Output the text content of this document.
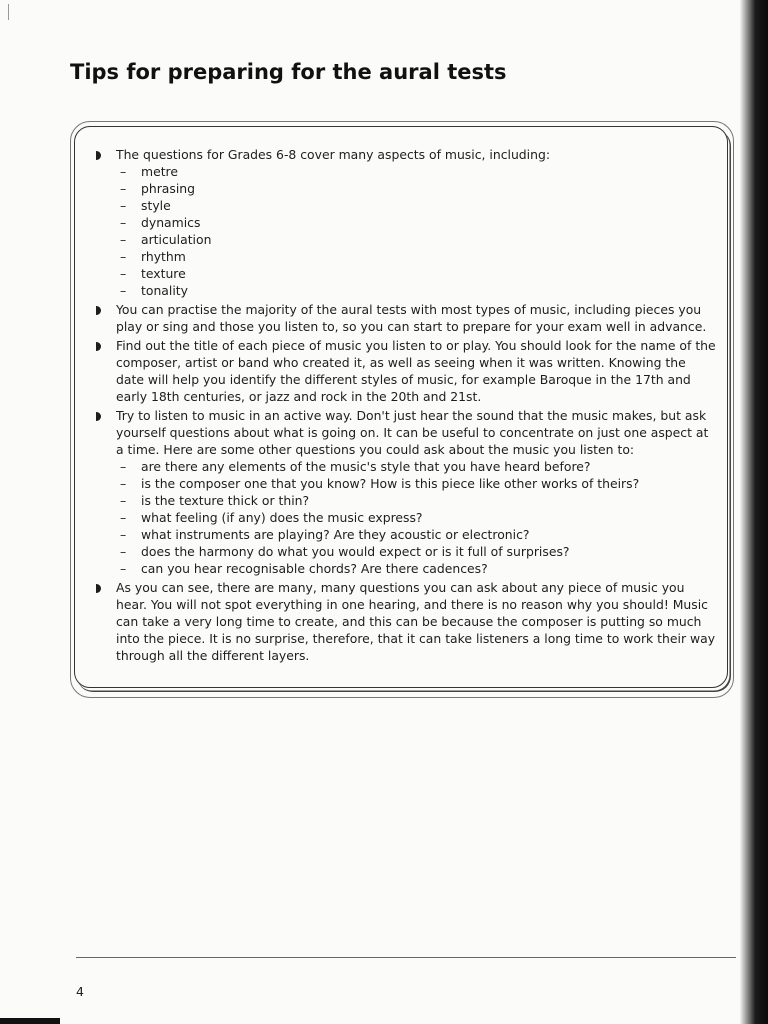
Tips for preparing for the aural tests
The questions for Grades 6-8 cover many aspects of music, including:
– metre
– phrasing
– style
– dynamics
– articulation
– rhythm
– texture
– tonality
You can practise the majority of the aural tests with most types of music, including pieces you play or sing and those you listen to, so you can start to prepare for your exam well in advance.
Find out the title of each piece of music you listen to or play. You should look for the name of the composer, artist or band who created it, as well as seeing when it was written. Knowing the date will help you identify the different styles of music, for example Baroque in the 17th and early 18th centuries, or jazz and rock in the 20th and 21st.
Try to listen to music in an active way. Don't just hear the sound that the music makes, but ask yourself questions about what is going on. It can be useful to concentrate on just one aspect at a time. Here are some other questions you could ask about the music you listen to:
– are there any elements of the music's style that you have heard before?
– is the composer one that you know? How is this piece like other works of theirs?
– is the texture thick or thin?
– what feeling (if any) does the music express?
– what instruments are playing? Are they acoustic or electronic?
– does the harmony do what you would expect or is it full of surprises?
– can you hear recognisable chords? Are there cadences?
As you can see, there are many, many questions you can ask about any piece of music you hear. You will not spot everything in one hearing, and there is no reason why you should! Music can take a very long time to create, and this can be because the composer is putting so much into the piece. It is no surprise, therefore, that it can take listeners a long time to work their way through all the different layers.
4
